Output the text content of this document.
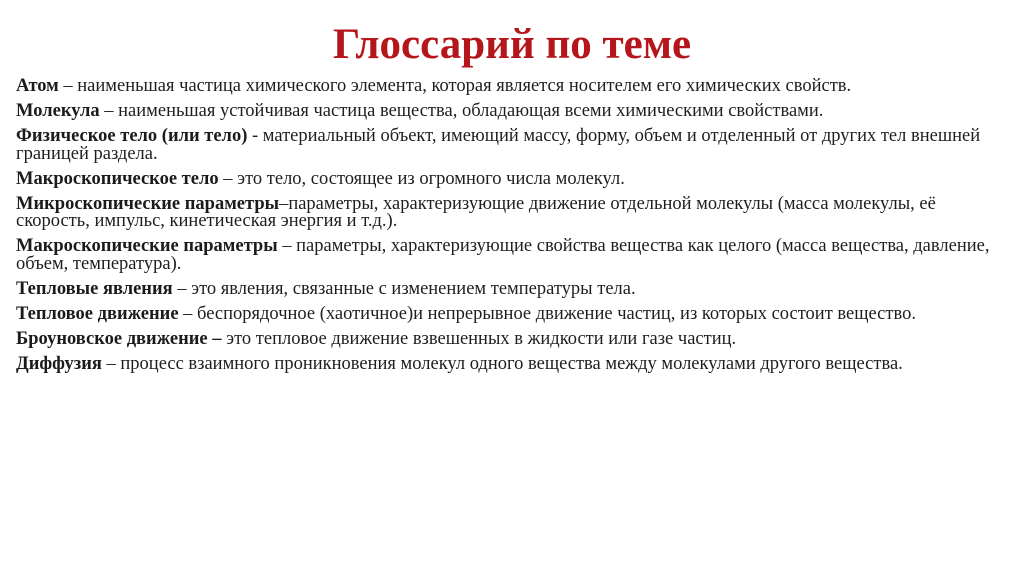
Глоссарий по теме
Атом – наименьшая частица химического элемента, которая является носителем его химических свойств.
Молекула – наименьшая устойчивая частица вещества, обладающая всеми химическими свойствами.
Физическое тело (или тело) - материальный объект, имеющий массу, форму, объем и отделенный от других тел внешней границей раздела.
Макроскопическое тело – это тело, состоящее из огромного числа молекул.
Микроскопические параметры–параметры, характеризующие движение отдельной молекулы (масса молекулы, её скорость, импульс, кинетическая энергия и т.д.).
Макроскопические параметры – параметры, характеризующие свойства вещества как целого (масса вещества, давление, объем, температура).
Тепловые явления – это явления, связанные с изменением температуры тела.
Тепловое движение – беспорядочное (хаотичное)и непрерывное движение частиц, из которых состоит вещество.
Броуновское движение – это тепловое движение взвешенных в жидкости или газе частиц.
Диффузия – процесс взаимного проникновения молекул одного вещества между молекулами другого вещества.
